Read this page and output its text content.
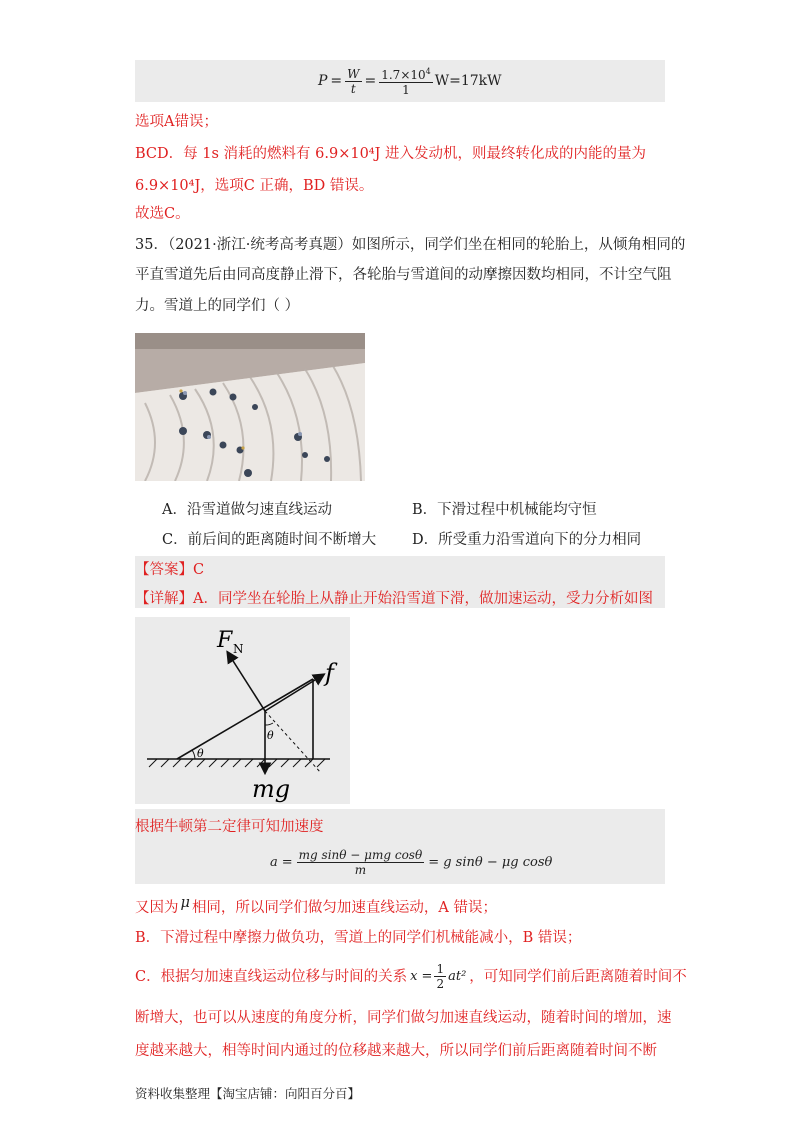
$P = \frac{W}{t} = \frac{1.7\times 10^4}{1} W=17kW$
选项A错误；
BCD．每 1s 消耗的燃料有 6.9×10⁴J 进入发动机，则最终转化成的内能的量为
6.9×10⁴J，选项C 正确，BD 错误。
故选C。
35．（2021·浙江·统考高考真题）如图所示，同学们坐在相同的轮胎上，从倾角相同的
平直雪道先后由同高度静止滑下，各轮胎与雪道间的动摩擦因数均相同，不计空气阻
力。雪道上的同学们（ ）
A．沿雪道做匀速直线运动	B．下滑过程中机械能均守恒
C．前后间的距离随时间不断增大 D．所受重力沿雪道向下的分力相同
【答案】C
【详解】A．同学坐在轮胎上从静止开始沿雪道下滑，做加速运动，受力分析如图
θ
θ
F N
f
mg
根据牛顿第二定律可知加速度
$a = \frac{\text{mg sinθ − μmg cosθ}}{m} = g$ sinθ − μg cosθ
又因为 μ 相同，所以同学们做匀加速直线运动，A 错误；
B．下滑过程中摩擦力做负功，雪道上的同学们机械能减小，B 错误；
C．根据匀加速直线运动位移与时间的关系 $x = \frac{1}{2} at^2$ ，可知同学们前后距离随着时间不
断增大，也可以从速度的角度分析，同学们做匀加速直线运动，随着时间的增加，速
度越来越大，相等时间内通过的位移越来越大，所以同学们前后距离随着时间不断
资料收集整理【淘宝店铺：向阳百分百】
